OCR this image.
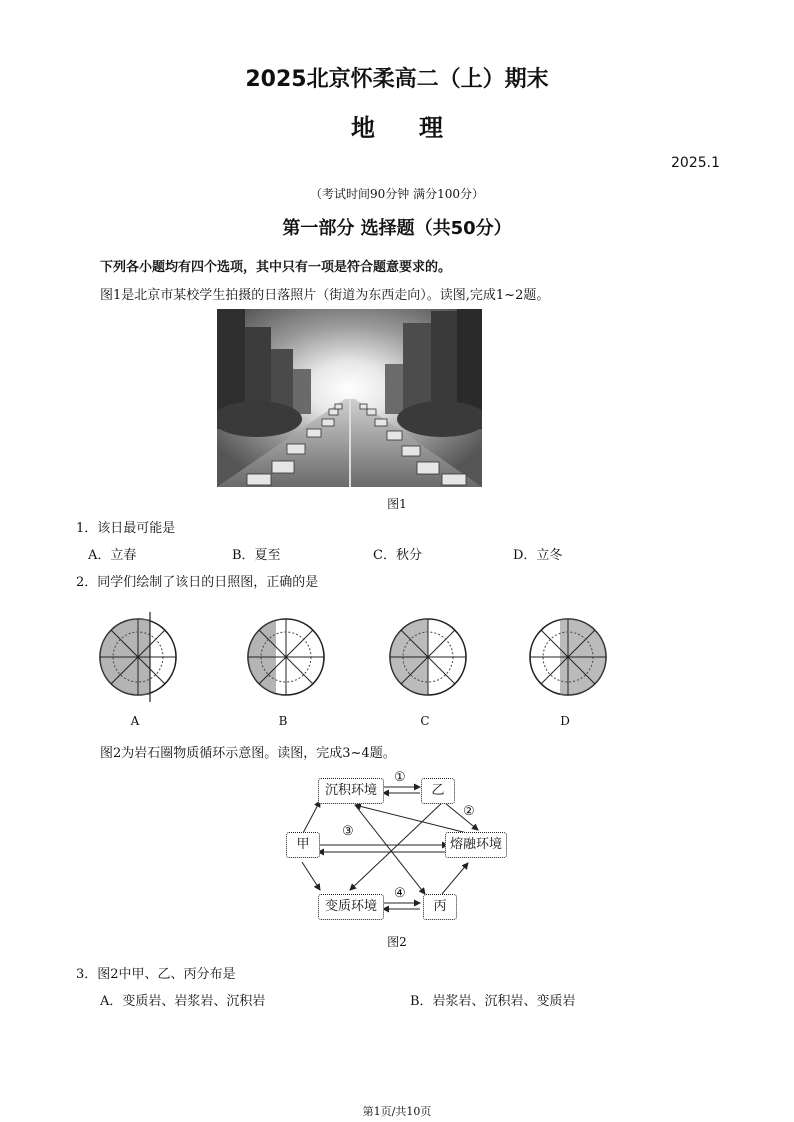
2025北京怀柔高二（上）期末
地理
2025.1
（考试时间90分钟 满分100分）
第一部分 选择题（共50分）
下列各小题均有四个选项，其中只有一项是符合题意要求的。
图1是北京市某校学生拍摄的日落照片（街道为东西走向）。读图,完成1~2题。
图1
1．该日最可能是
A．立春	B．夏至	C．秋分	D．立冬
2．同学们绘制了该日的日照图，正确的是
A	B	C	D
图2为岩石圈物质循环示意图。读图，完成3~4题。
沉积环境	乙
甲	熔融环境
变质环境	丙
①
②
③
④
图2
3．图2中甲、乙、丙分布是
A．变质岩、岩浆岩、沉积岩	B．岩浆岩、沉积岩、变质岩
第1页/共10页
